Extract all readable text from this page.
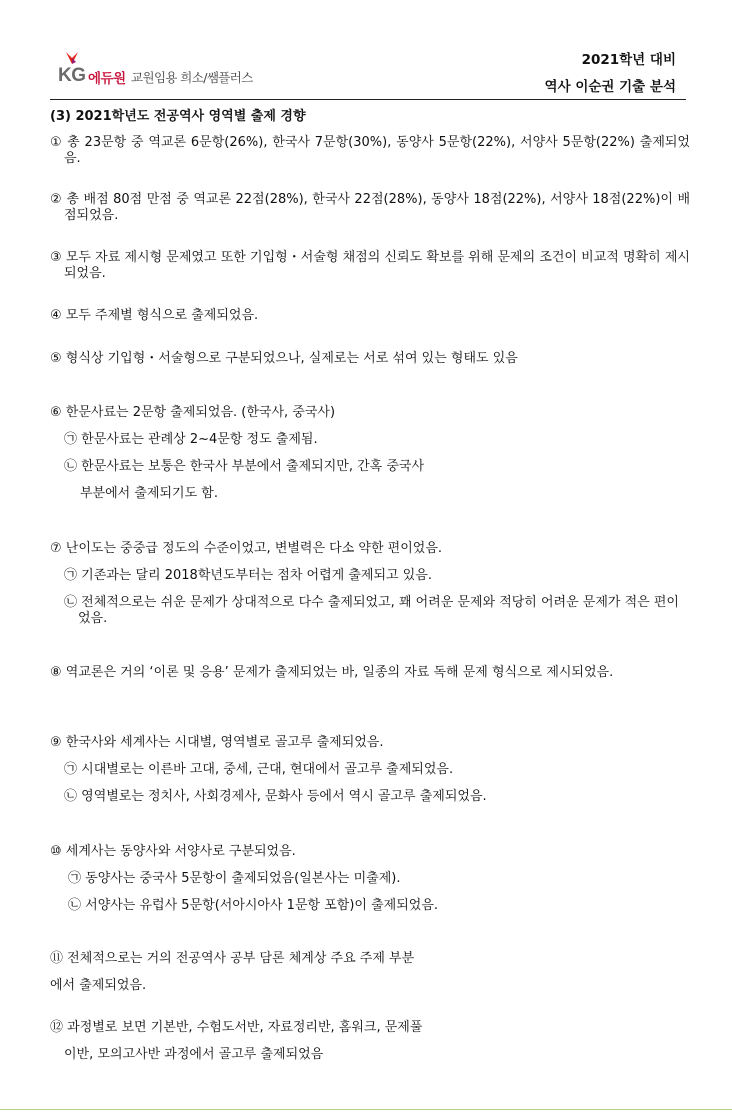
KG 에듀원 교원임용 희소/쌤플러스
2021학년 대비
역사 이순권 기출 분석
(3) 2021학년도 전공역사 영역별 출제 경향
① 총 23문항 중 역교론 6문항(26%), 한국사 7문항(30%), 동양사 5문항(22%), 서양사 5문항(22%) 출제되었음.
② 총 배점 80점 만점 중 역교론 22점(28%), 한국사 22점(28%), 동양사 18점(22%), 서양사 18점(22%)이 배점되었음.
③ 모두 자료 제시형 문제였고 또한 기입형・서술형 채점의 신뢰도 확보를 위해 문제의 조건이 비교적 명확히 제시되었음.
④ 모두 주제별 형식으로 출제되었음.
⑤ 형식상 기입형・서술형으로 구분되었으나, 실제로는 서로 섞여 있는 형태도 있음
⑥ 한문사료는 2문항 출제되었음. (한국사, 중국사)
㉠ 한문사료는 관례상 2~4문항 정도 출제됨.
㉡ 한문사료는 보통은 한국사 부분에서 출제되지만, 간혹 중국사
부분에서 출제되기도 함.
⑦ 난이도는 중중급 정도의 수준이었고, 변별력은 다소 약한 편이었음.
㉠ 기존과는 달리 2018학년도부터는 점차 어렵게 출제되고 있음.
㉡ 전체적으로는 쉬운 문제가 상대적으로 다수 출제되었고, 꽤 어려운 문제와 적당히 어려운 문제가 적은 편이었음.
⑧ 역교론은 거의 ‘이론 및 응용’ 문제가 출제되었는 바, 일종의 자료 독해 문제 형식으로 제시되었음.
⑨ 한국사와 세계사는 시대별, 영역별로 골고루 출제되었음.
㉠ 시대별로는 이른바 고대, 중세, 근대, 현대에서 골고루 출제되었음.
㉡ 영역별로는 정치사, 사회경제사, 문화사 등에서 역시 골고루 출제되었음.
⑩ 세계사는 동양사와 서양사로 구분되었음.
㉠ 동양사는 중국사 5문항이 출제되었음(일본사는 미출제).
㉡ 서양사는 유럽사 5문항(서아시아사 1문항 포함)이 출제되었음.
⑪ 전체적으로는 거의 전공역사 공부 담론 체계상 주요 주제 부분
에서 출제되었음.
⑫ 과정별로 보면 기본반, 수험도서반, 자료정리반, 홈워크, 문제풀
이반, 모의고사반 과정에서 골고루 출제되었음
